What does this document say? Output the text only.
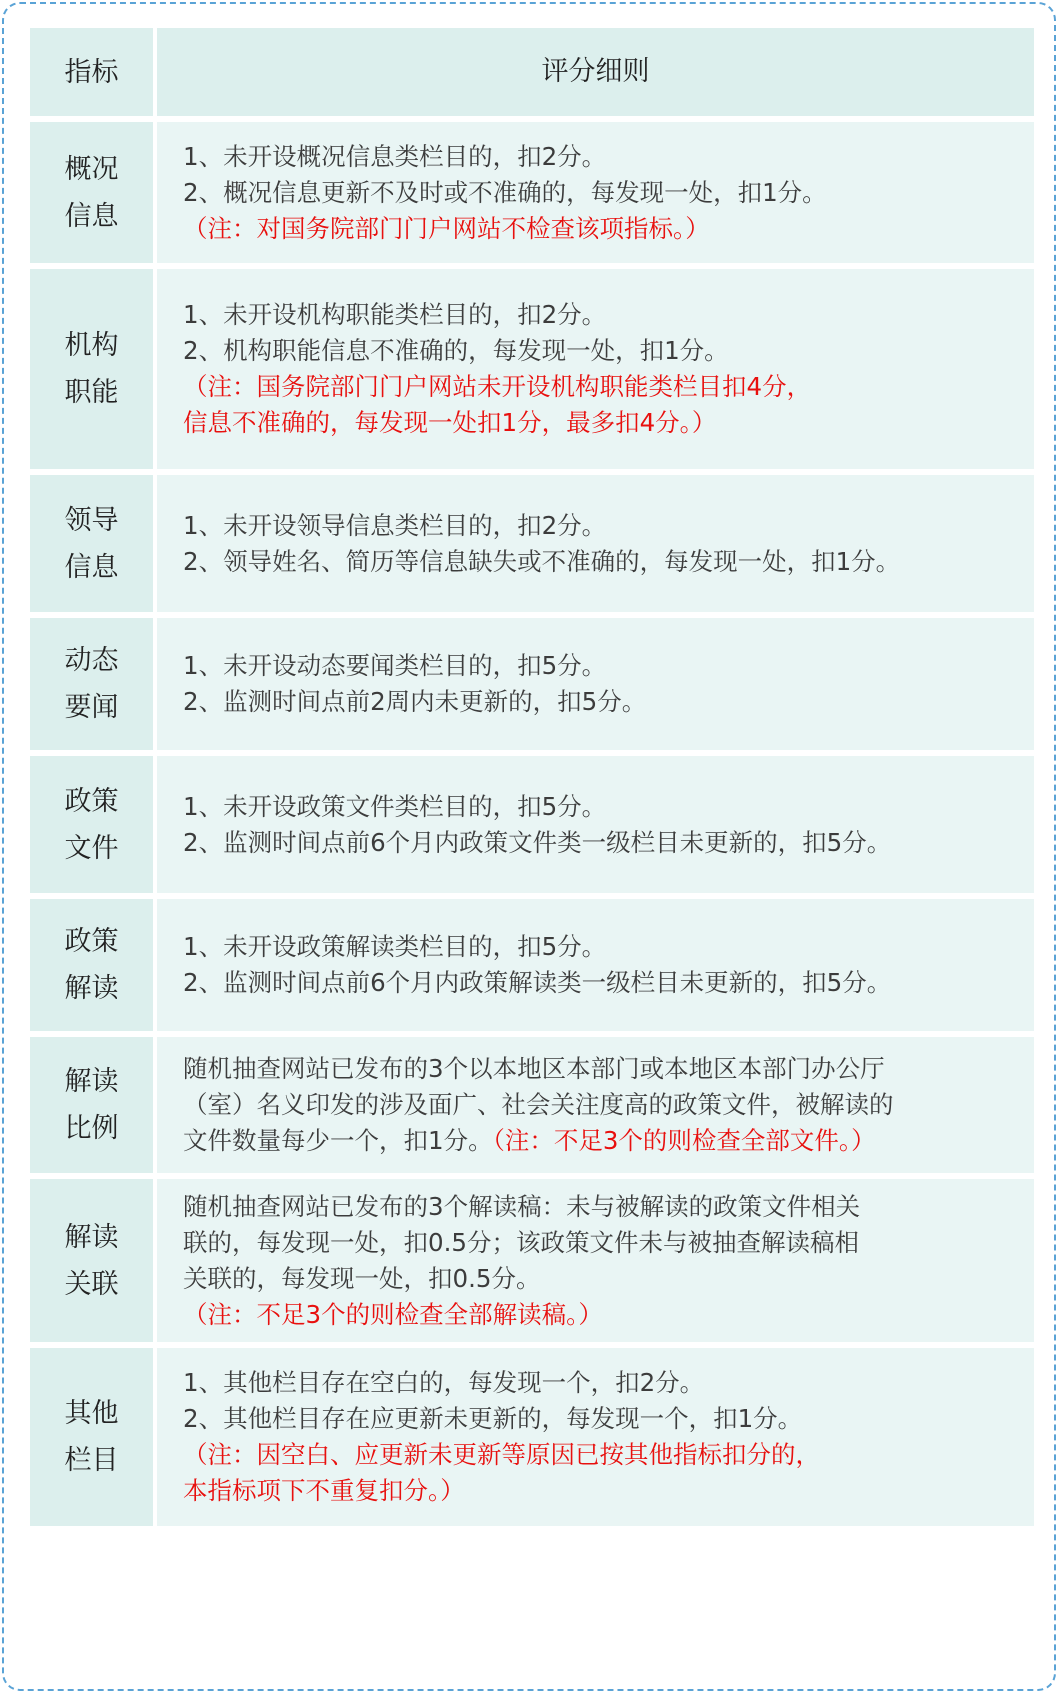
指标	评分细则
概况
信息
1、未开设概况信息类栏目的，扣2分。
2、概况信息更新不及时或不准确的，每发现一处，扣1分。
（注：对国务院部门门户网站不检查该项指标。）
机构
职能
1、未开设机构职能类栏目的，扣2分。
2、机构职能信息不准确的，每发现一处，扣1分。
（注：国务院部门门户网站未开设机构职能类栏目扣4分，
信息不准确的，每发现一处扣1分，最多扣4分。）
领导
信息
1、未开设领导信息类栏目的，扣2分。
2、领导姓名、简历等信息缺失或不准确的，每发现一处，扣1分。
动态
要闻
1、未开设动态要闻类栏目的，扣5分。
2、监测时间点前2周内未更新的，扣5分。
政策
文件
1、未开设政策文件类栏目的，扣5分。
2、监测时间点前6个月内政策文件类一级栏目未更新的，扣5分。
政策
解读
1、未开设政策解读类栏目的，扣5分。
2、监测时间点前6个月内政策解读类一级栏目未更新的，扣5分。
解读
比例
随机抽查网站已发布的3个以本地区本部门或本地区本部门办公厅
（室）名义印发的涉及面广、社会关注度高的政策文件，被解读的
文件数量每少一个，扣1分。（注：不足3个的则检查全部文件。）
解读
关联
随机抽查网站已发布的3个解读稿：未与被解读的政策文件相关
联的，每发现一处，扣0.5分；该政策文件未与被抽查解读稿相
关联的，每发现一处，扣0.5分。
（注：不足3个的则检查全部解读稿。）
其他
栏目
1、其他栏目存在空白的，每发现一个，扣2分。
2、其他栏目存在应更新未更新的，每发现一个，扣1分。
（注：因空白、应更新未更新等原因已按其他指标扣分的，
本指标项下不重复扣分。）
